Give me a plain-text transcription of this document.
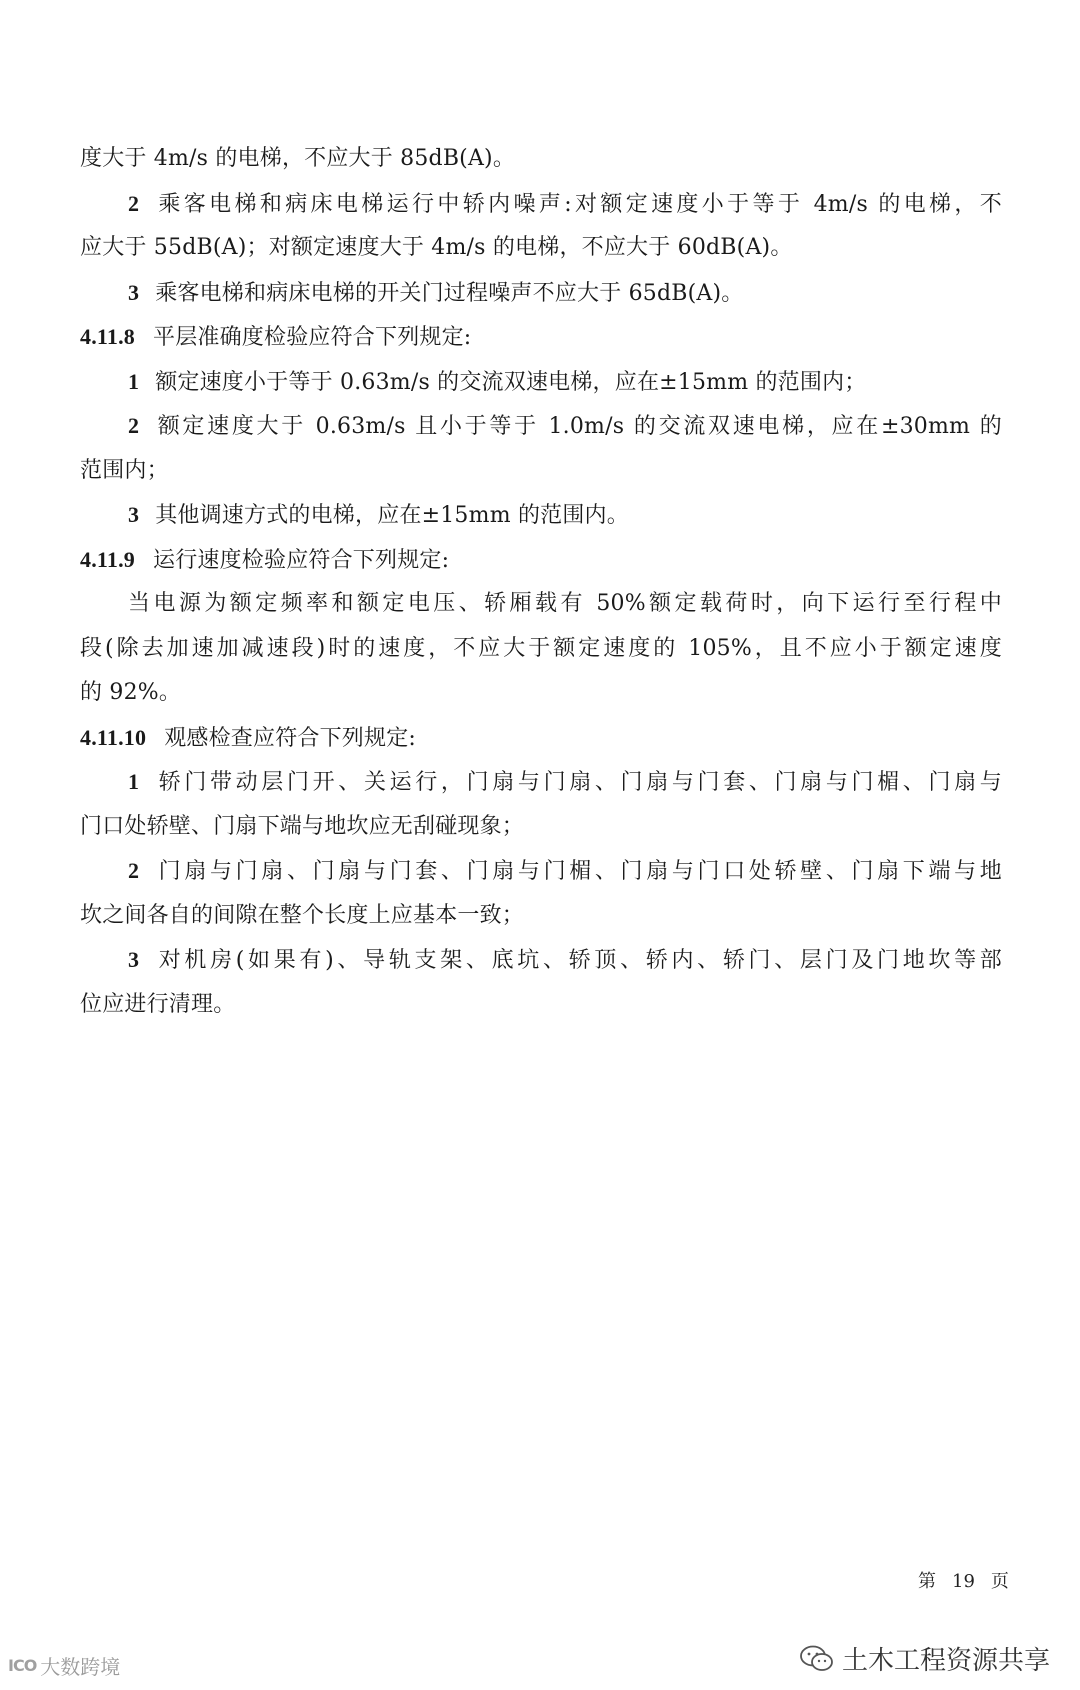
度大于 4m/s 的电梯，不应大于 85dB(A)。
2 乘客电梯和病床电梯运行中轿内噪声:对额定速度小于等于 4m/s 的电梯，不
应大于 55dB(A)；对额定速度大于 4m/s 的电梯，不应大于 60dB(A)。
3 乘客电梯和病床电梯的开关门过程噪声不应大于 65dB(A)。
4.11.8 平层准确度检验应符合下列规定:
1 额定速度小于等于 0.63m/s 的交流双速电梯，应在±15mm 的范围内；
2 额定速度大于 0.63m/s 且小于等于 1.0m/s 的交流双速电梯，应在±30mm 的
范围内；
3 其他调速方式的电梯，应在±15mm 的范围内。
4.11.9 运行速度检验应符合下列规定:
当电源为额定频率和额定电压、轿厢载有 50%额定载荷时，向下运行至行程中
段(除去加速加减速段)时的速度，不应大于额定速度的 105%，且不应小于额定速度
的 92%。
4.11.10 观感检查应符合下列规定:
1 轿门带动层门开、关运行，门扇与门扇、门扇与门套、门扇与门楣、门扇与
门口处轿壁、门扇下端与地坎应无刮碰现象；
2 门扇与门扇、门扇与门套、门扇与门楣、门扇与门口处轿壁、门扇下端与地
坎之间各自的间隙在整个长度上应基本一致；
3 对机房(如果有)、导轨支架、底坑、轿顶、轿内、轿门、层门及门地坎等部
位应进行清理。
第 19 页
ICO 大数跨境	土木工程资源共享
